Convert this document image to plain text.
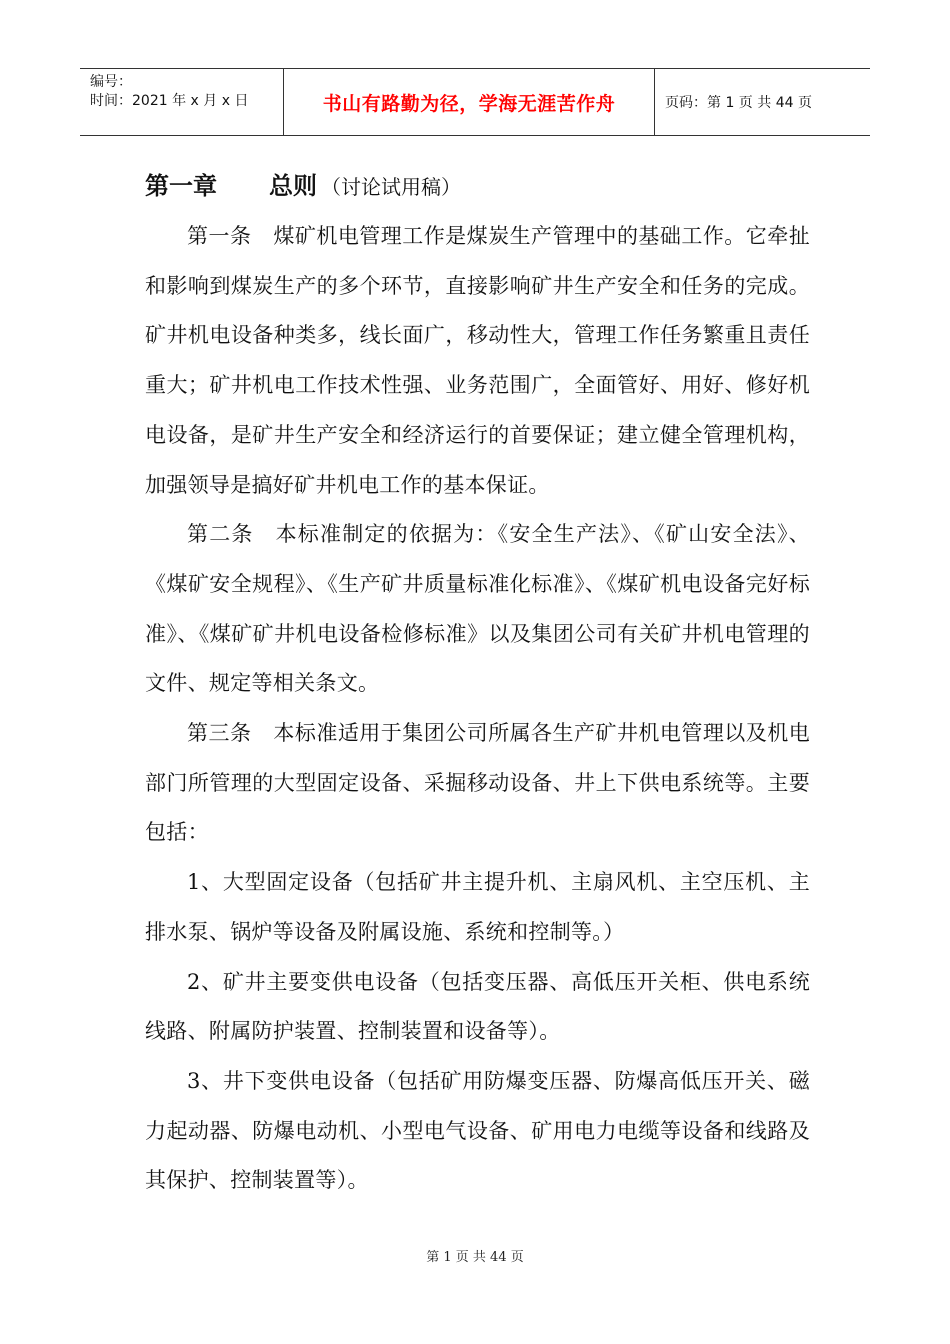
编号：
时间：2021 年 x 月 x 日	书山有路勤为径，学海无涯苦作舟	页码：第 1 页 共 44 页
第一章 总则 （讨论试用稿）

第一条 煤矿机电管理工作是煤炭生产管理中的基础工作。它牵扯和影响到煤炭生产的多个环节，直接影响矿井生产安全和任务的完成。矿井机电设备种类多，线长面广，移动性大，管理工作任务繁重且责任重大；矿井机电工作技术性强、业务范围广，全面管好、用好、修好机电设备，是矿井生产安全和经济运行的首要保证；建立健全管理机构，加强领导是搞好矿井机电工作的基本保证。

第二条 本标准制定的依据为：《安全生产法》、《矿山安全法》、《煤矿安全规程》、《生产矿井质量标准化标准》、《煤矿机电设备完好标准》、《煤矿矿井机电设备检修标准》以及集团公司有关矿井机电管理的文件、规定等相关条文。

第三条 本标准适用于集团公司所属各生产矿井机电管理以及机电部门所管理的大型固定设备、采掘移动设备、井上下供电系统等。主要包括：

1、大型固定设备（包括矿井主提升机、主扇风机、主空压机、主排水泵、锅炉等设备及附属设施、系统和控制等。）

2、矿井主要变供电设备（包括变压器、高低压开关柜、供电系统线路、附属防护装置、控制装置和设备等）。

3、井下变供电设备（包括矿用防爆变压器、防爆高低压开关、磁力起动器、防爆电动机、小型电气设备、矿用电力电缆等设备和线路及其保护、控制装置等）。

第 1 页 共 44 页
